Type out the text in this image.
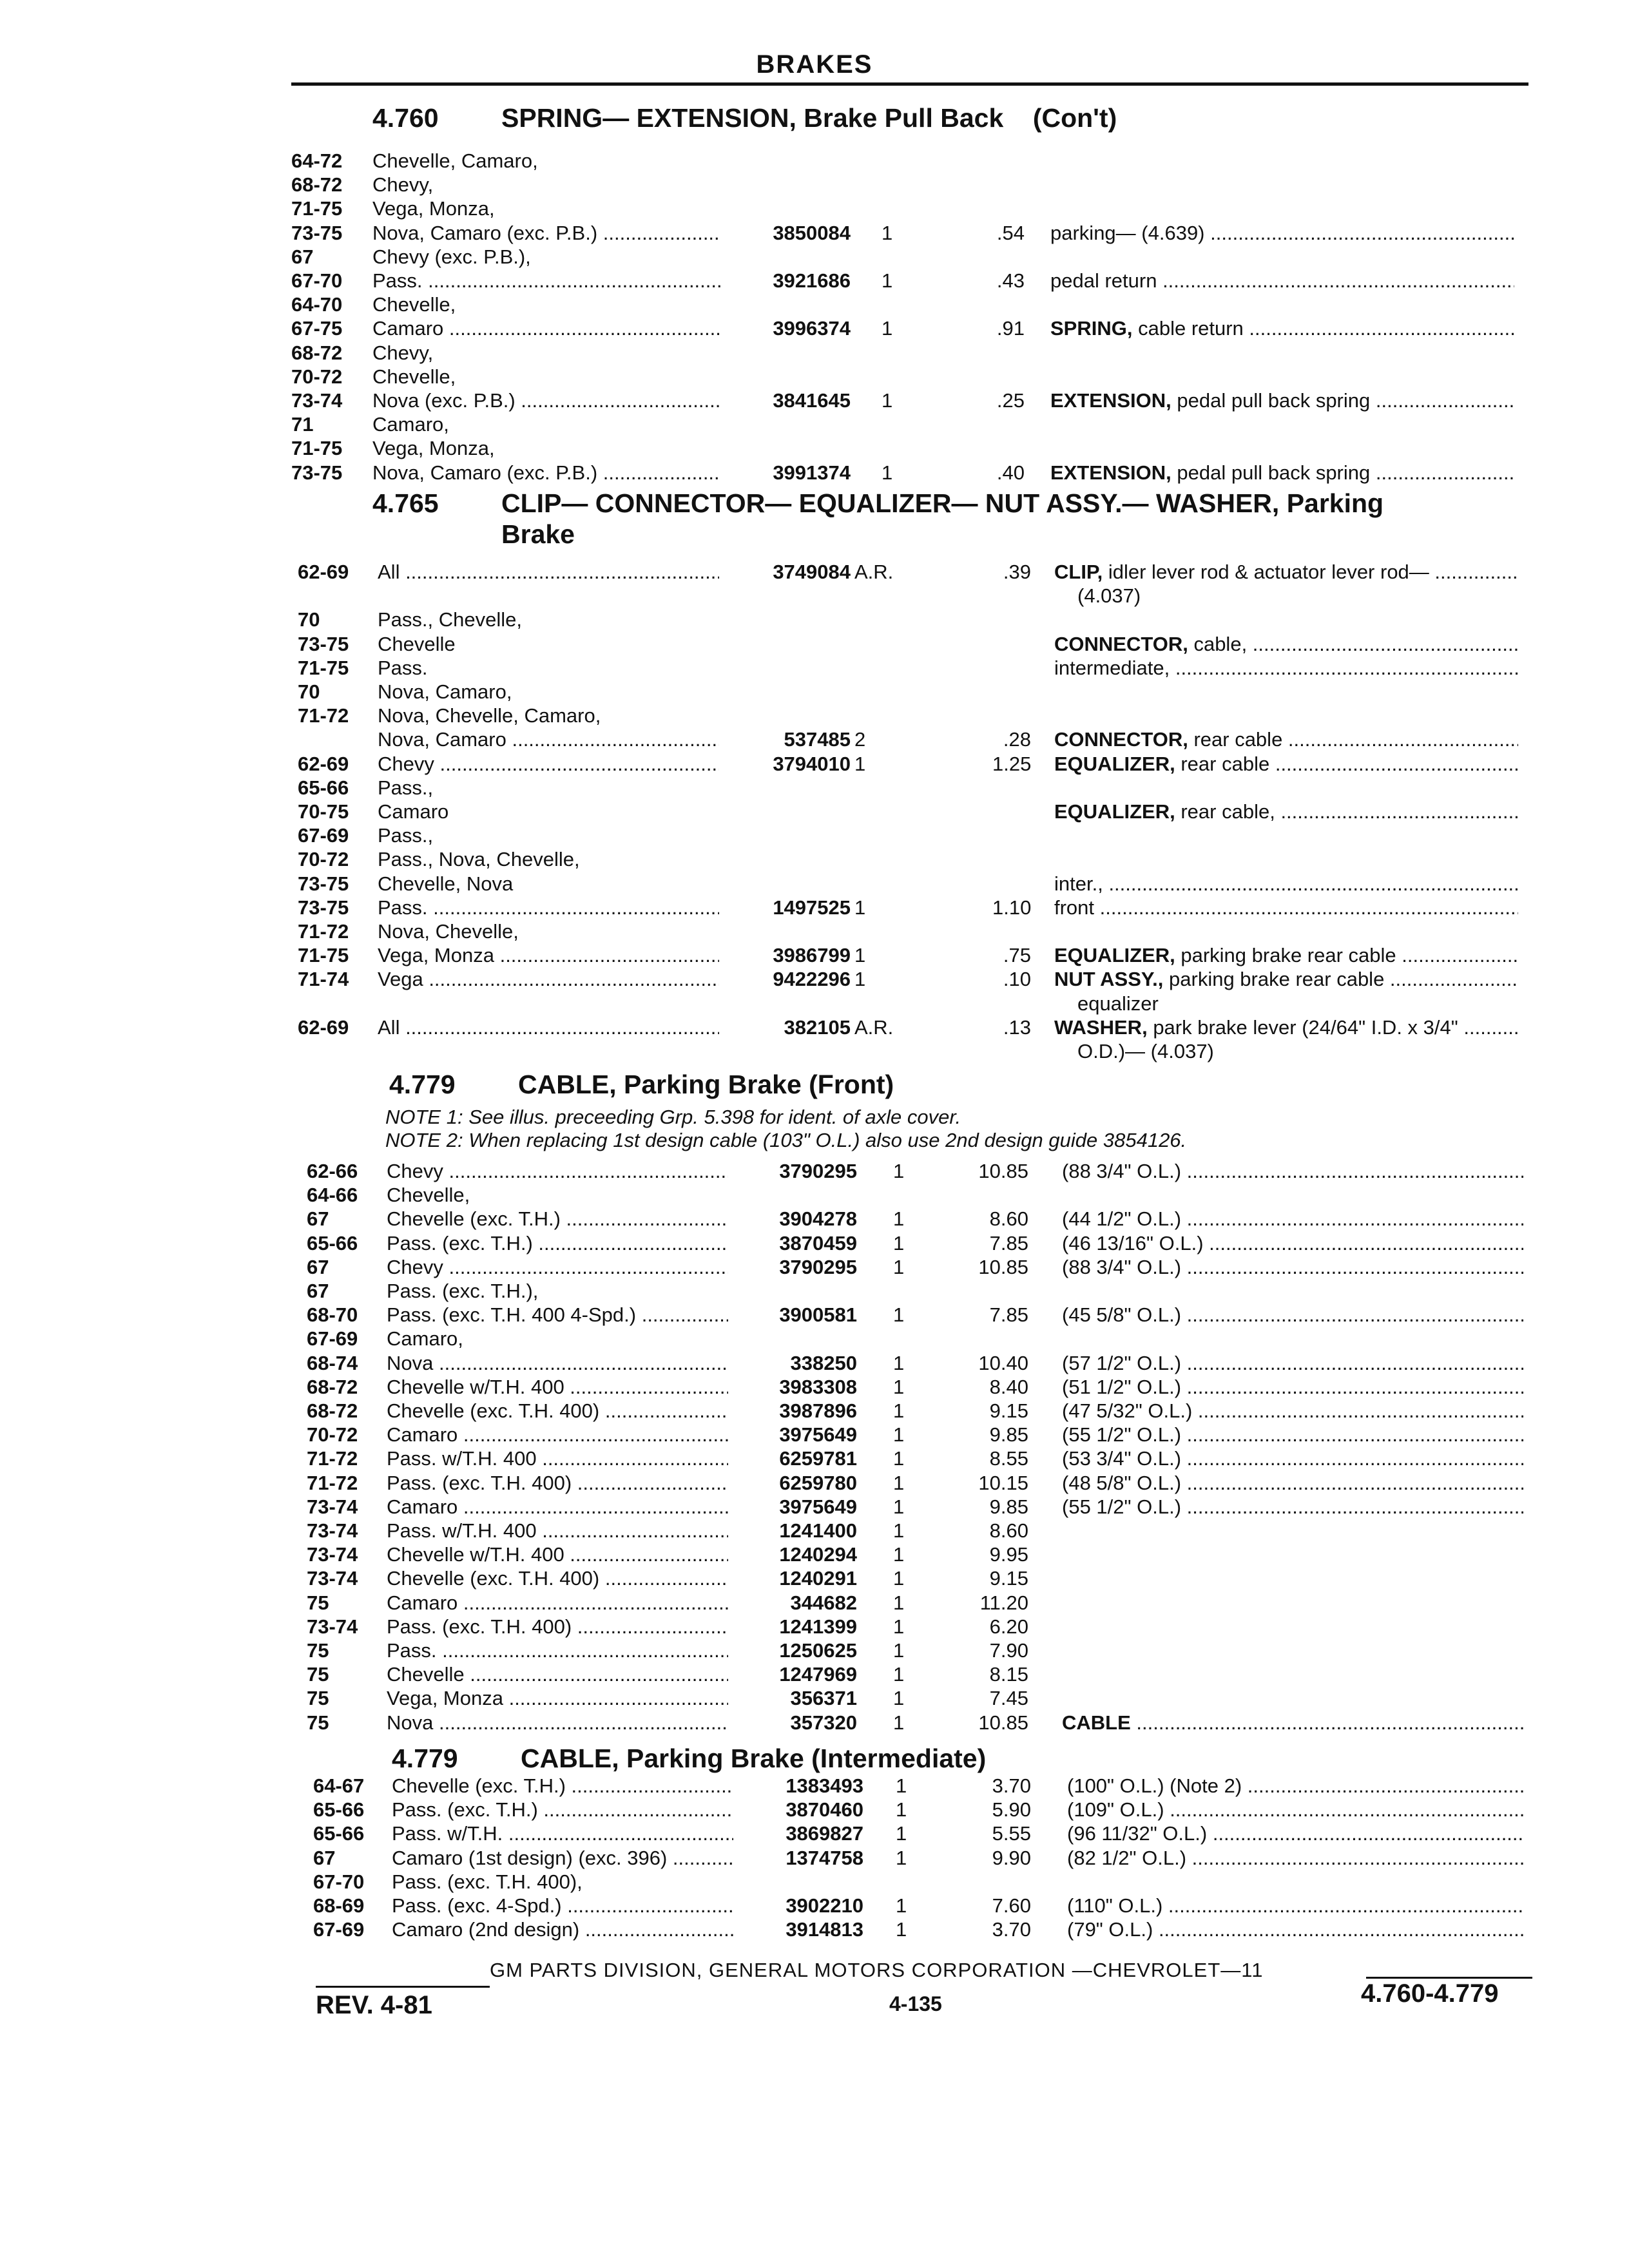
BRAKES
4.760 SPRING— EXTENSION, Brake Pull Back (Con't)
64-72	Chevelle, Camaro,
68-72	Chevy,
71-75	Vega, Monza,
73-75	Nova, Camaro (exc. P.B.) .....	3850084 1	.54 parking— (4.639) .....
67	Chevy (exc. P.B.),
67-70	Pass. .....	3921686 1	.43 pedal return .....
64-70	Chevelle,
67-75	Camaro .....	3996374 1	.91 SPRING, cable return .....
68-72	Chevy,
70-72	Chevelle,
73-74	Nova (exc. P.B.) .....	3841645 1	.25 EXTENSION, pedal pull back spring .....
71	Camaro,
71-75	Vega, Monza,
73-75	Nova, Camaro (exc. P.B.) .....	3991374 1	.40 EXTENSION, pedal pull back spring .....
4.765 CLIP— CONNECTOR— EQUALIZER— NUT ASSY.— WASHER, Parking
Brake
62-69	All .....	3749084 A.R.	.39 CLIP, idler lever rod & actuator lever rod— .....
(4.037)
70	Pass., Chevelle,
73-75	Chevelle	CONNECTOR, cable, .....
71-75	Pass.	intermediate, .....
70	Nova, Camaro,
71-72	Nova, Chevelle, Camaro,
Nova, Camaro .....	537485 2	.28 CONNECTOR, rear cable .....
62-69	Chevy .....	3794010 1	1.25 EQUALIZER, rear cable .....
65-66	Pass.,
70-75	Camaro	EQUALIZER, rear cable, .....
67-69	Pass.,
70-72	Pass., Nova, Chevelle,
73-75	Chevelle, Nova	inter., .....
73-75	Pass. .....	1497525 1	1.10 front .....
71-72	Nova, Chevelle,
71-75	Vega, Monza .....	3986799 1	.75 EQUALIZER, parking brake rear cable .....
71-74	Vega .....	9422296 1	.10 NUT ASSY., parking brake rear cable .....
equalizer
62-69	All .....	382105 A.R.	.13 WASHER, park brake lever (24/64" I.D. x 3/4" .....
O.D.)— (4.037)
4.779 CABLE, Parking Brake (Front)
NOTE 1: See illus. preceeding Grp. 5.398 for ident. of axle cover.
NOTE 2: When replacing 1st design cable (103" O.L.) also use 2nd design guide 3854126.
62-66	Chevy .....	3790295 1	10.85 (88 3/4" O.L.) .....
64-66	Chevelle,
67	Chevelle (exc. T.H.) .....	3904278 1	8.60 (44 1/2" O.L.) .....
65-66	Pass. (exc. T.H.) .....	3870459 1	7.85 (46 13/16" O.L.) .....
67	Chevy .....	3790295 1	10.85 (88 3/4" O.L.) .....
67	Pass. (exc. T.H.),
68-70	Pass. (exc. T.H. 400 4-Spd.) .....	3900581 1	7.85 (45 5/8" O.L.) .....
67-69	Camaro,
68-74	Nova .....	338250 1	10.40 (57 1/2" O.L.) .....
68-72	Chevelle w/T.H. 400 .....	3983308 1	8.40 (51 1/2" O.L.) .....
68-72	Chevelle (exc. T.H. 400) .....	3987896 1	9.15 (47 5/32" O.L.) .....
70-72	Camaro .....	3975649 1	9.85 (55 1/2" O.L.) .....
71-72	Pass. w/T.H. 400 .....	6259781 1	8.55 (53 3/4" O.L.) .....
71-72	Pass. (exc. T.H. 400) .....	6259780 1	10.15 (48 5/8" O.L.) .....
73-74	Camaro .....	3975649 1	9.85 (55 1/2" O.L.) .....
73-74	Pass. w/T.H. 400 .....	1241400 1	8.60
73-74	Chevelle w/T.H. 400 .....	1240294 1	9.95
73-74	Chevelle (exc. T.H. 400) .....	1240291 1	9.15
75	Camaro .....	344682 1	11.20
73-74	Pass. (exc. T.H. 400) .....	1241399 1	6.20
75	Pass. .....	1250625 1	7.90
75	Chevelle .....	1247969 1	8.15
75	Vega, Monza .....	356371 1	7.45
75	Nova .....	357320 1	10.85 CABLE .....
4.779 CABLE, Parking Brake (Intermediate)
64-67	Chevelle (exc. T.H.) .....	1383493 1	3.70 (100" O.L.) (Note 2) .....
65-66	Pass. (exc. T.H.) .....	3870460 1	5.90 (109" O.L.) .....
65-66	Pass. w/T.H. .....	3869827 1	5.55 (96 11/32" O.L.) .....
67	Camaro (1st design) (exc. 396) .....	1374758 1	9.90 (82 1/2" O.L.) .....
67-70	Pass. (exc. T.H. 400),
68-69	Pass. (exc. 4-Spd.) .....	3902210 1	7.60 (110" O.L.) .....
67-69	Camaro (2nd design) .....	3914813 1	3.70 (79" O.L.) .....
REV. 4-81
GM PARTS DIVISION, GENERAL MOTORS CORPORATION —CHEVROLET—11
4-135	4.760-4.779
